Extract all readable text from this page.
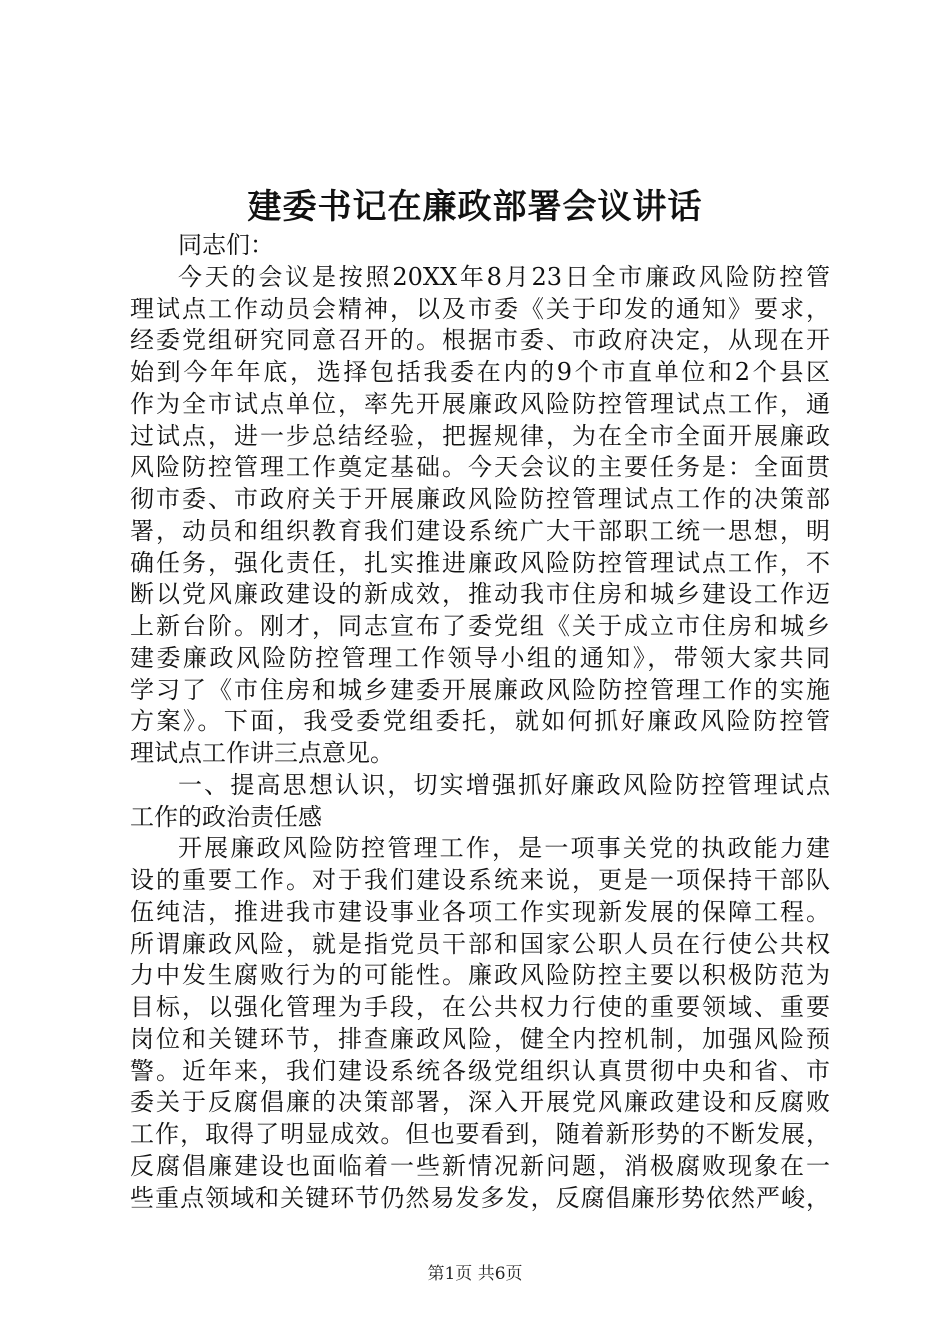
建委书记在廉政部署会议讲话
同志们：
今天的会议是按照20XX年8月23日全市廉政风险防控管
理试点工作动员会精神，以及市委《关于印发的通知》要求，
经委党组研究同意召开的。根据市委、市政府决定，从现在开
始到今年年底，选择包括我委在内的9个市直单位和2个县区
作为全市试点单位，率先开展廉政风险防控管理试点工作，通
过试点，进一步总结经验，把握规律，为在全市全面开展廉政
风险防控管理工作奠定基础。今天会议的主要任务是：全面贯
彻市委、市政府关于开展廉政风险防控管理试点工作的决策部
署，动员和组织教育我们建设系统广大干部职工统一思想，明
确任务，强化责任，扎实推进廉政风险防控管理试点工作，不
断以党风廉政建设的新成效，推动我市住房和城乡建设工作迈
上新台阶。刚才，同志宣布了委党组《关于成立市住房和城乡
建委廉政风险防控管理工作领导小组的通知》，带领大家共同
学习了《市住房和城乡建委开展廉政风险防控管理工作的实施
方案》。下面，我受委党组委托，就如何抓好廉政风险防控管
理试点工作讲三点意见。
一、提高思想认识，切实增强抓好廉政风险防控管理试点
工作的政治责任感
开展廉政风险防控管理工作，是一项事关党的执政能力建
设的重要工作。对于我们建设系统来说，更是一项保持干部队
伍纯洁，推进我市建设事业各项工作实现新发展的保障工程。
所谓廉政风险，就是指党员干部和国家公职人员在行使公共权
力中发生腐败行为的可能性。廉政风险防控主要以积极防范为
目标，以强化管理为手段，在公共权力行使的重要领域、重要
岗位和关键环节，排查廉政风险，健全内控机制，加强风险预
警。近年来，我们建设系统各级党组织认真贯彻中央和省、市
委关于反腐倡廉的决策部署，深入开展党风廉政建设和反腐败
工作，取得了明显成效。但也要看到，随着新形势的不断发展，
反腐倡廉建设也面临着一些新情况新问题，消极腐败现象在一
些重点领域和关键环节仍然易发多发，反腐倡廉形势依然严峻，
第1页 共6页
